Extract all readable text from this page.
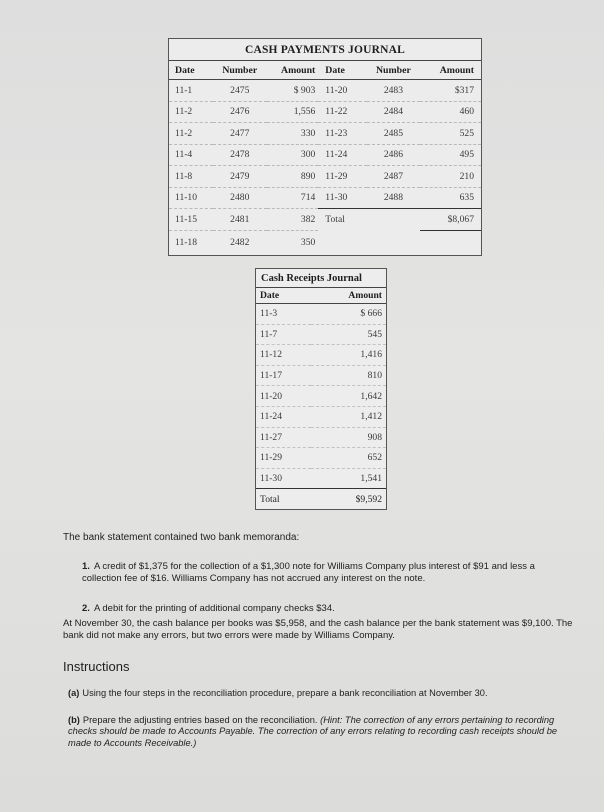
CASH PAYMENTS JOURNAL
Date	Number	Amount	Date	Number	Amount
11-1	2475	$ 903	11-20	2483	$317
11-2	2476	1,556	11-22	2484	460
11-2	2477	330	11-23	2485	525
11-4	2478	300	11-24	2486	495
11-8	2479	890	11-29	2487	210
11-10	2480	714	11-30	2488	635
11-15	2481	382	Total		$8,067
11-18	2482	350			
Cash Receipts Journal
Date	Amount
11-3	$ 666
11-7	545
11-12	1,416
11-17	810
11-20	1,642
11-24	1,412
11-27	908
11-29	652
11-30	1,541
Total	$9,592
The bank statement contained two bank memoranda:
1. A credit of $1,375 for the collection of a $1,300 note for Williams Company plus interest of $91 and less a collection fee of $16. Williams Company has not accrued any interest on the note.
2. A debit for the printing of additional company checks $34.
At November 30, the cash balance per books was $5,958, and the cash balance per the bank statement was $9,100. The bank did not make any errors, but two errors were made by Williams Company.
Instructions
(a) Using the four steps in the reconciliation procedure, prepare a bank reconciliation at November 30.
(b) Prepare the adjusting entries based on the reconciliation. (Hint: The correction of any errors pertaining to recording checks should be made to Accounts Payable. The correction of any errors relating to recording cash receipts should be made to Accounts Receivable.)
